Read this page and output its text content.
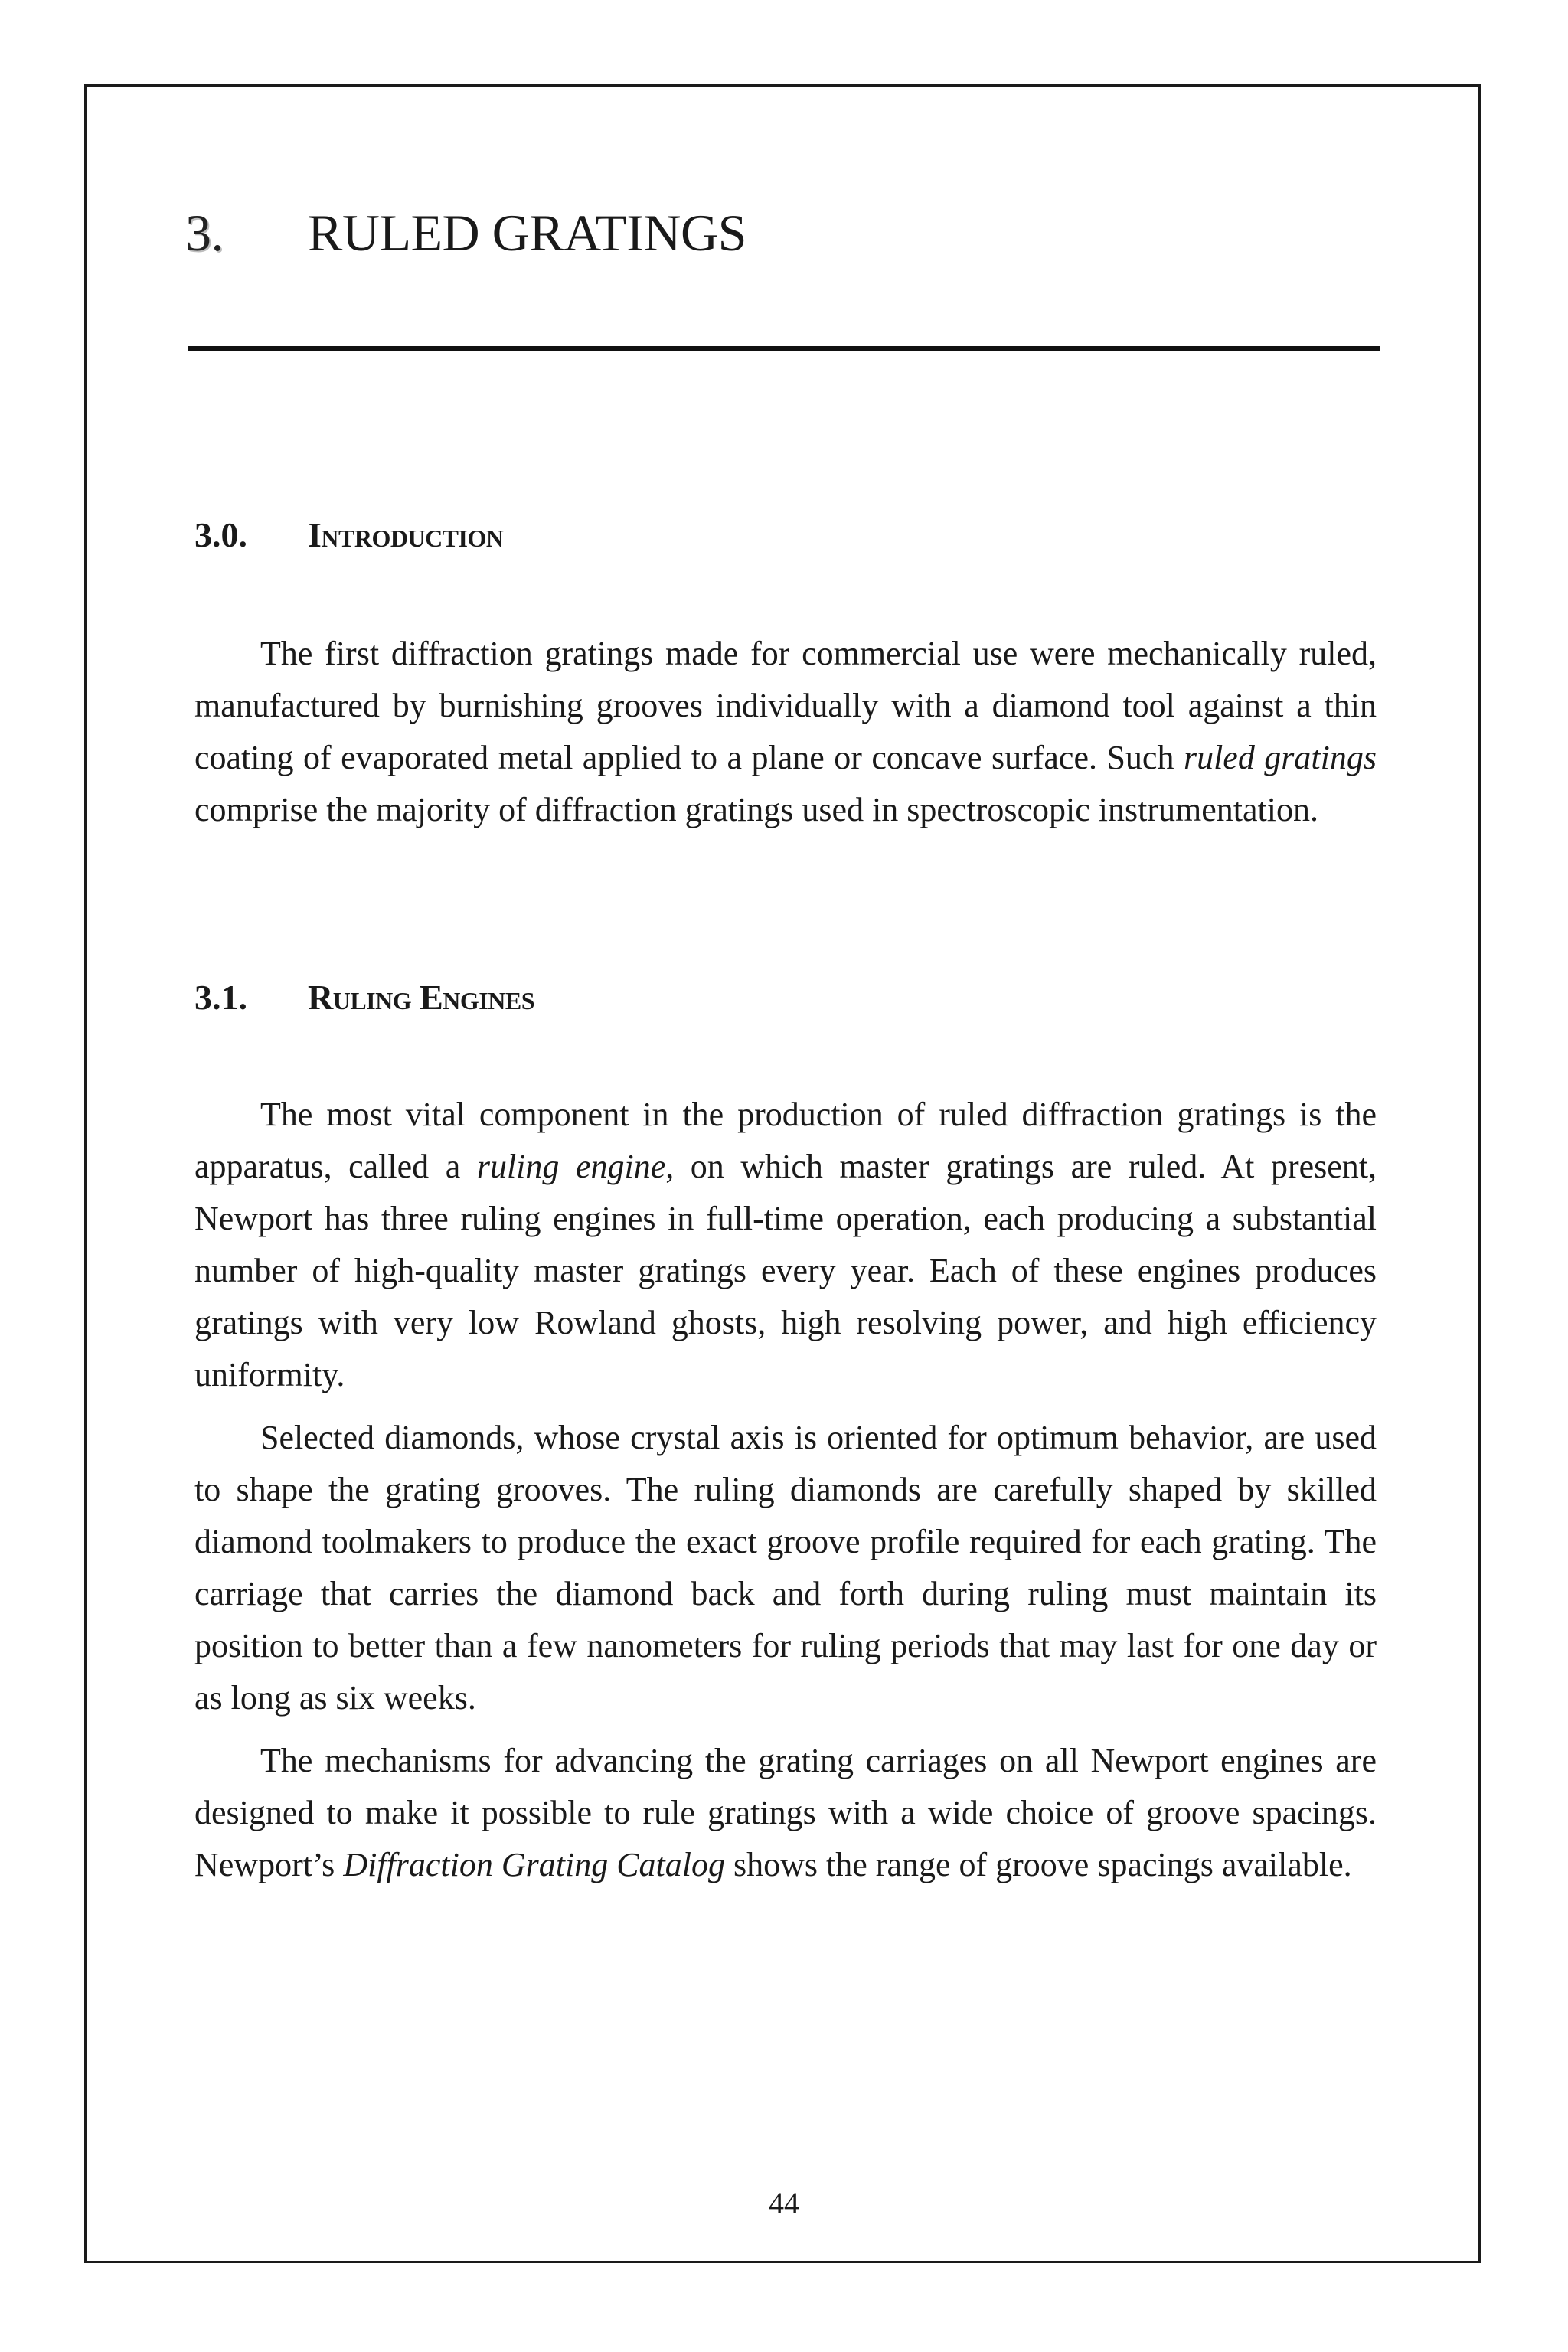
3. RULED GRATINGS
3.0. Introduction

The first diffraction gratings made for commercial use were mechanically ruled, manufactured by burnishing grooves individually with a diamond tool against a thin coating of evaporated metal applied to a plane or concave surface. Such ruled gratings comprise the majority of diffraction gratings used in spectroscopic instrumentation.

3.1. Ruling Engines

The most vital component in the production of ruled diffraction gratings is the apparatus, called a ruling engine, on which master gratings are ruled. At present, Newport has three ruling engines in full-time operation, each producing a substantial number of high-quality master gratings every year. Each of these engines produces gratings with very low Rowland ghosts, high resolving power, and high efficiency uniformity.

Selected diamonds, whose crystal axis is oriented for optimum behavior, are used to shape the grating grooves. The ruling diamonds are carefully shaped by skilled diamond toolmakers to produce the exact groove profile required for each grating. The carriage that carries the diamond back and forth during ruling must maintain its position to better than a few nanometers for ruling periods that may last for one day or as long as six weeks.

The mechanisms for advancing the grating carriages on all Newport engines are designed to make it possible to rule gratings with a wide choice of groove spacings. Newport’s Diffraction Grating Catalog shows the range of groove spacings available.

44
